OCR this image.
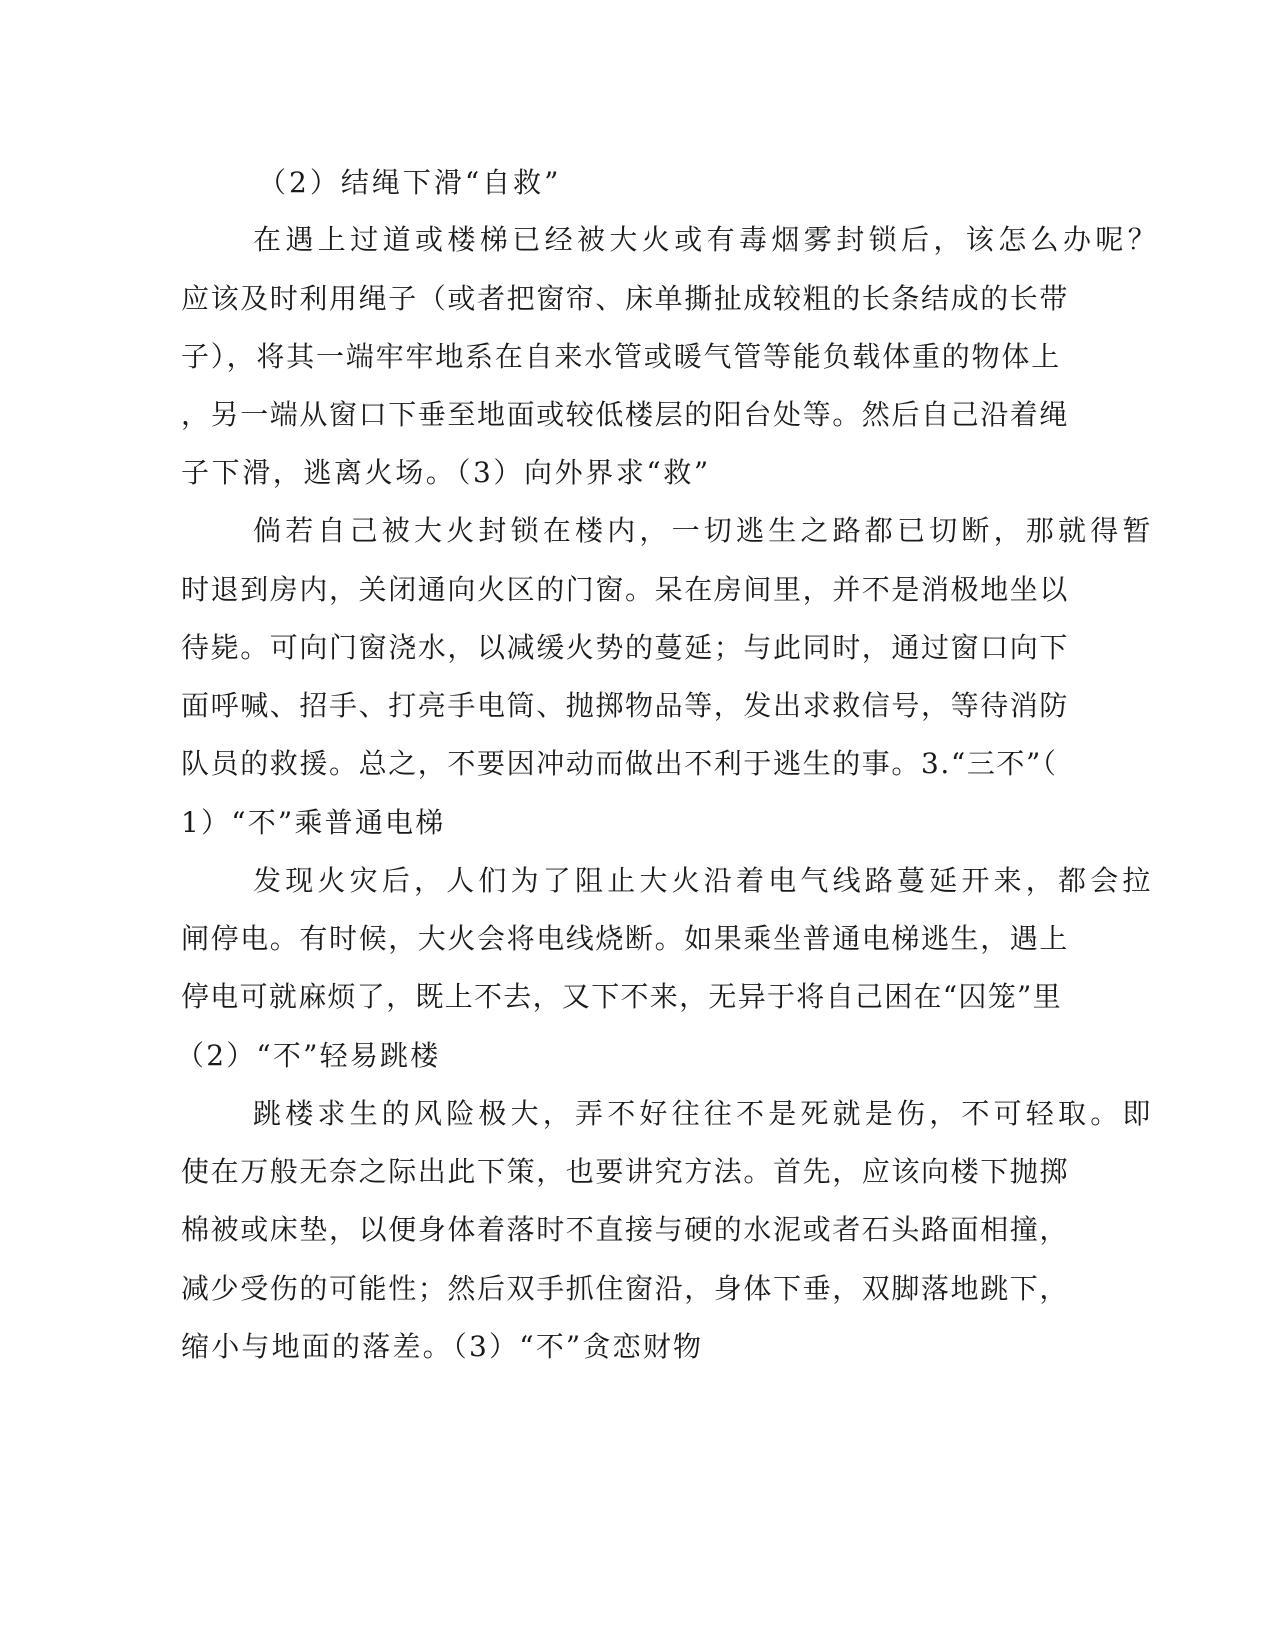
（2）结绳下滑“自救”
在遇上过道或楼梯已经被大火或有毒烟雾封锁后，该怎么办呢？
应该及时利用绳子（或者把窗帘、床单撕扯成较粗的长条结成的长带
子），将其一端牢牢地系在自来水管或暖气管等能负载体重的物体上
，另一端从窗口下垂至地面或较低楼层的阳台处等。然后自己沿着绳
子下滑，逃离火场。（3）向外界求“救”
倘若自己被大火封锁在楼内，一切逃生之路都已切断，那就得暂
时退到房内，关闭通向火区的门窗。呆在房间里，并不是消极地坐以
待毙。可向门窗浇水，以减缓火势的蔓延；与此同时，通过窗口向下
面呼喊、招手、打亮手电筒、抛掷物品等，发出求救信号，等待消防
队员的救援。总之，不要因冲动而做出不利于逃生的事。3.“三不”（
1）“不”乘普通电梯
发现火灾后，人们为了阻止大火沿着电气线路蔓延开来，都会拉
闸停电。有时候，大火会将电线烧断。如果乘坐普通电梯逃生，遇上
停电可就麻烦了，既上不去，又下不来，无异于将自己困在“囚笼”里
（2）“不”轻易跳楼
跳楼求生的风险极大，弄不好往往不是死就是伤，不可轻取。即
使在万般无奈之际出此下策，也要讲究方法。首先，应该向楼下抛掷
棉被或床垫，以便身体着落时不直接与硬的水泥或者石头路面相撞，
减少受伤的可能性；然后双手抓住窗沿，身体下垂，双脚落地跳下，
缩小与地面的落差。（3）“不”贪恋财物
